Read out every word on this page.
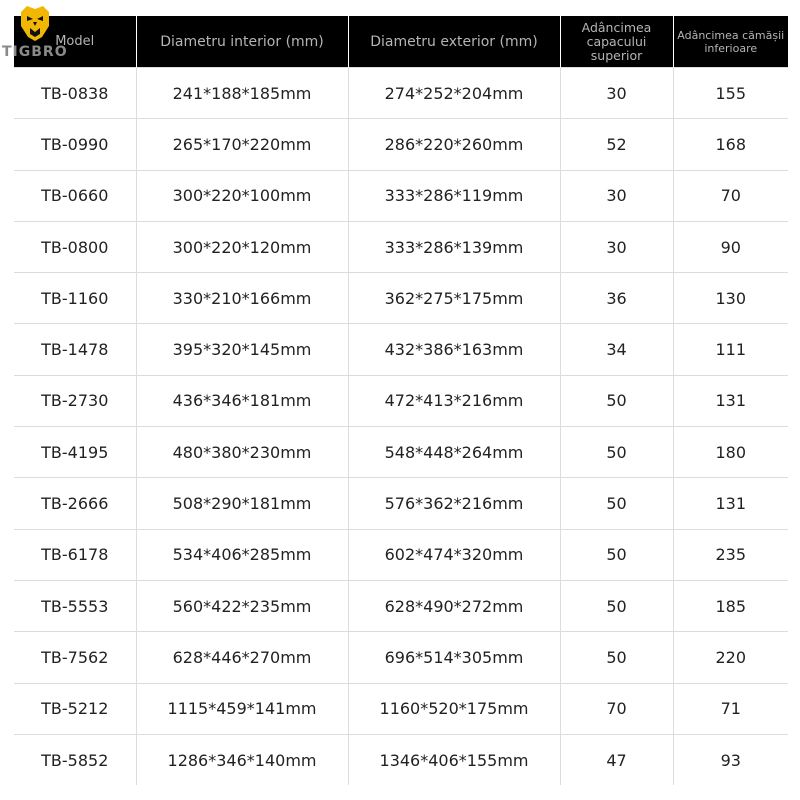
TIGBRO
Model	Diametru interior (mm)	Diametru exterior (mm)	Adâncimea capacului superior	Adâncimea cămășii inferioare
TB-0838	241*188*185mm	274*252*204mm	30	155
TB-0990	265*170*220mm	286*220*260mm	52	168
TB-0660	300*220*100mm	333*286*119mm	30	70
TB-0800	300*220*120mm	333*286*139mm	30	90
TB-1160	330*210*166mm	362*275*175mm	36	130
TB-1478	395*320*145mm	432*386*163mm	34	111
TB-2730	436*346*181mm	472*413*216mm	50	131
TB-4195	480*380*230mm	548*448*264mm	50	180
TB-2666	508*290*181mm	576*362*216mm	50	131
TB-6178	534*406*285mm	602*474*320mm	50	235
TB-5553	560*422*235mm	628*490*272mm	50	185
TB-7562	628*446*270mm	696*514*305mm	50	220
TB-5212	1115*459*141mm	1160*520*175mm	70	71
TB-5852	1286*346*140mm	1346*406*155mm	47	93
